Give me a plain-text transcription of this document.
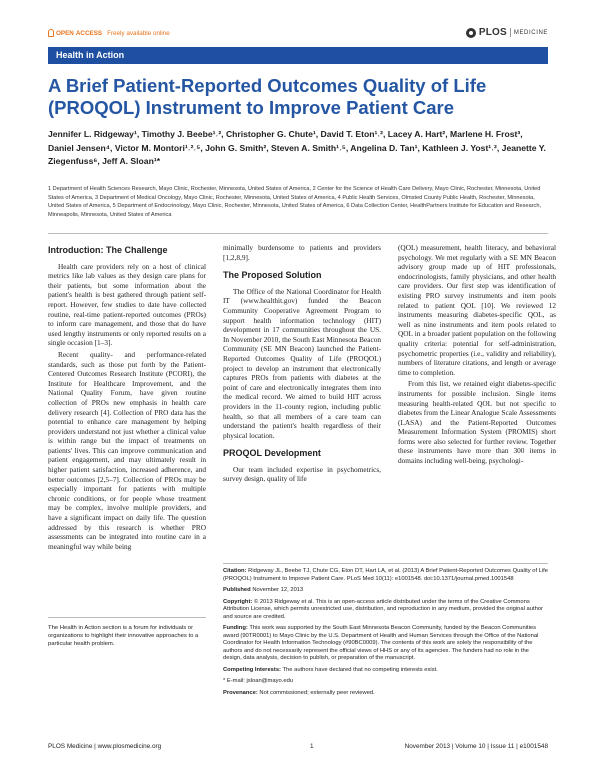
OPEN ACCESS Freely available online	PLOS MEDICINE
Health in Action
A Brief Patient-Reported Outcomes Quality of Life (PROQOL) Instrument to Improve Patient Care
Jennifer L. Ridgeway¹, Timothy J. Beebe¹˒², Christopher G. Chute¹, David T. Eton¹˒², Lacey A. Hart², Marlene H. Frost³, Daniel Jensen⁴, Victor M. Montori¹˒²˒⁵, John G. Smith², Steven A. Smith¹˒⁵, Angelina D. Tan¹, Kathleen J. Yost¹˒², Jeanette Y. Ziegenfuss⁶, Jeff A. Sloan¹*
1 Department of Health Sciences Research, Mayo Clinic, Rochester, Minnesota, United States of America, 2 Center for the Science of Health Care Delivery, Mayo Clinic, Rochester, Minnesota, United States of America, 3 Department of Medical Oncology, Mayo Clinic, Rochester, Minnesota, United States of America, 4 Public Health Services, Olmsted County Public Health, Rochester, Minnesota, United States of America, 5 Department of Endocrinology, Mayo Clinic, Rochester, Minnesota, United States of America, 6 Data Collection Center, HealthPartners Institute for Education and Research, Minneapolis, Minnesota, United States of America
Introduction: The Challenge

Health care providers rely on a host of clinical metrics like lab values as they design care plans for their patients, but some information about the patient's health is best gathered through patient self-report. However, few studies to date have collected routine, real-time patient-reported outcomes (PROs) to inform care management, and those that do have used lengthy instruments or only reported results on a single occasion [1–3].

Recent quality- and performance-related standards, such as those put forth by the Patient-Centered Outcomes Research Institute (PCORI), the Institute for Healthcare Improvement, and the National Quality Forum, have given routine collection of PROs new emphasis in health care delivery research [4]. Collection of PRO data has the potential to enhance care management by helping providers understand not just whether a clinical value is within range but the impact of treatments on patients' lives. This can improve communication and patient engagement, and may ultimately result in higher patient satisfaction, increased adherence, and better outcomes [2,5–7]. Collection of PROs may be especially important for patients with multiple chronic conditions, or for people whose treatment may be complex, involve multiple providers, and have a significant impact on daily life. The question addressed by this research is whether PRO assessments can be integrated into routine care in a meaningful way while being

minimally burdensome to patients and providers [1,2,8,9].

The Proposed Solution

The Office of the National Coordinator for Health IT (www.healthit.gov) funded the Beacon Community Cooperative Agreement Program to support health information technology (HIT) development in 17 communities throughout the US. In November 2010, the South East Minnesota Beacon Community (SE MN Beacon) launched the Patient-Reported Outcomes Quality of Life (PROQOL) project to develop an instrument that electronically captures PROs from patients with diabetes at the point of care and electronically integrates them into the medical record. We aimed to build HIT across providers in the 11-county region, including public health, so that all members of a care team can understand the patient's health regardless of their physical location.

PROQOL Development

Our team included expertise in psychometrics, survey design, quality of life

(QOL) measurement, health literacy, and behavioral psychology. We met regularly with a SE MN Beacon advisory group made up of HIT professionals, endocrinologists, family physicians, and other health care providers. Our first step was identification of existing PRO survey instruments and item pools related to patient QOL [10]. We reviewed 12 instruments measuring diabetes-specific QOL, as well as nine instruments and item pools related to QOL in a broader patient population on the following quality criteria: potential for self-administration, psychometric properties (i.e., validity and reliability), numbers of literature citations, and length or average time to completion.

From this list, we retained eight diabetes-specific instruments for possible inclusion. Single items measuring health-related QOL but not specific to diabetes from the Linear Analogue Scale Assessments (LASA) and the Patient-Reported Outcomes Measurement Information System (PROMIS) short forms were also selected for further review. Together these instruments have more than 300 items in domains including well-being, psychologi-

The Health in Action section is a forum for individuals or organizations to highlight their innovative approaches to a particular health problem.
Citation: Ridgeway JL, Beebe TJ, Chute CG, Eton DT, Hart LA, et al. (2013) A Brief Patient-Reported Outcomes Quality of Life (PROQOL) Instrument to Improve Patient Care. PLoS Med 10(11): e1001548. doi:10.1371/journal.pmed.1001548
Published November 12, 2013
Copyright: © 2013 Ridgeway et al. This is an open-access article distributed under the terms of the Creative Commons Attribution License, which permits unrestricted use, distribution, and reproduction in any medium, provided the original author and source are credited.
Funding: This work was supported by the South East Minnesota Beacon Community, funded by the Beacon Communities award (90TR0001) to Mayo Clinic by the U.S. Department of Health and Human Services through the Office of the National Coordinator for Health Information Technology (#90BC0009). The contents of this work are solely the responsibility of the authors and do not necessarily represent the official views of HHS or any of its agencies. The funders had no role in the design, data analysis, decision to publish, or preparation of the manuscript.
Competing Interests: The authors have declared that no competing interests exist.
* E-mail: jsloan@mayo.edu
Provenance: Not commissioned; externally peer reviewed.
PLOS Medicine | www.plosmedicine.org	1	November 2013 | Volume 10 | Issue 11 | e1001548
